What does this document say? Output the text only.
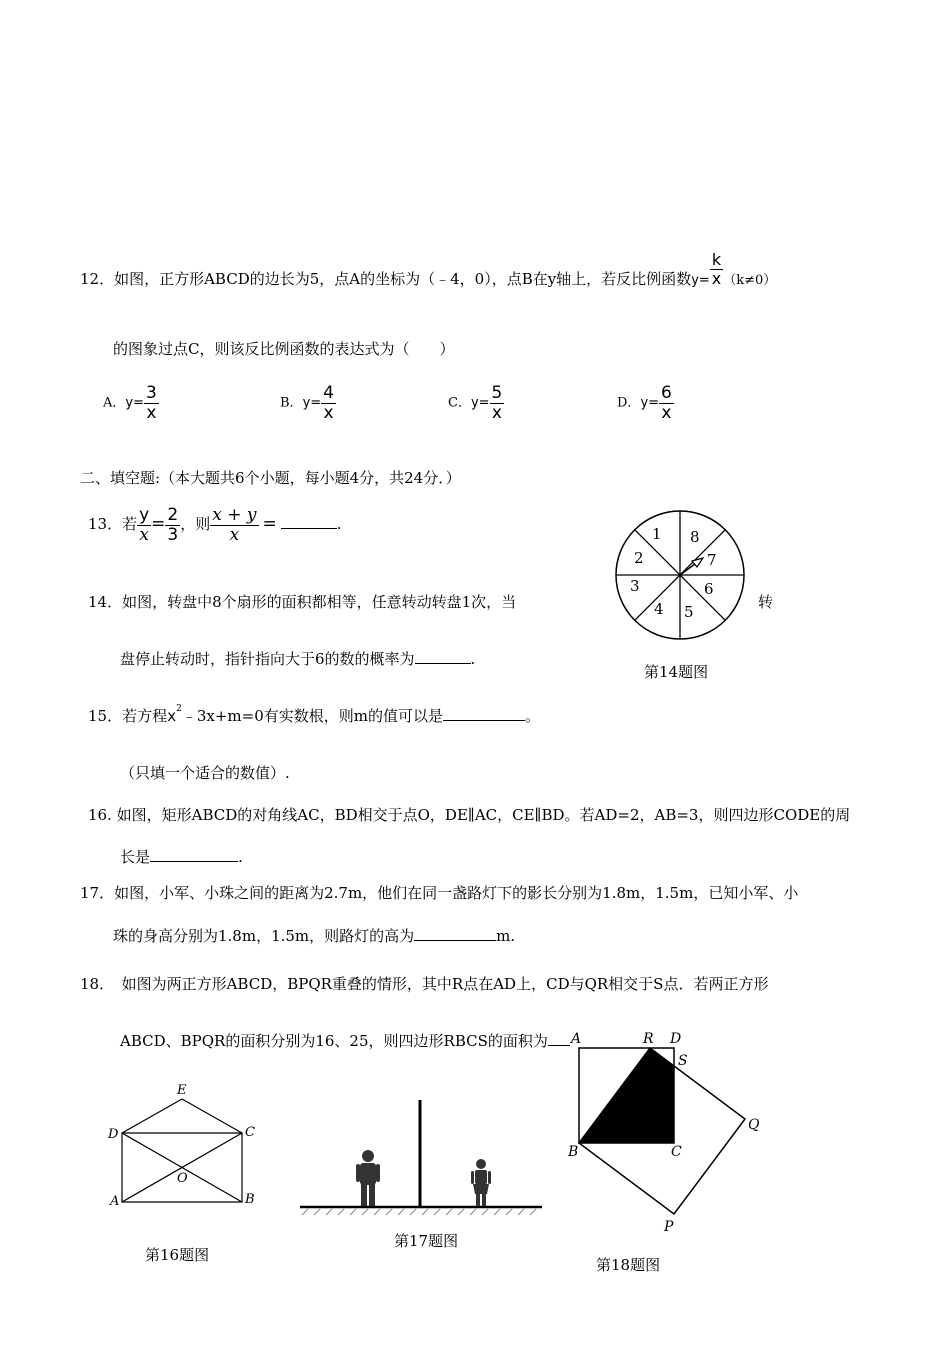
12．如图，正方形ABCD的边长为5，点A的坐标为（﹣4，0），点B在y轴上，若反比例函数$y= \frac{k}{x} (k\ne 0)$
的图象过点C，则该反比例函数的表达式为（　　）
A．$y= \frac{3}{x}$	B．$y= \frac{4}{x}$	C．$y= \frac{5}{x}$	D．$y= \frac{6}{x}$
二、填空题:（本大题共6个小题，每小题4分，共24分．）
13．若 $\frac{y}{x} = \frac{2}{3}$ ，则 $\frac{x + y}{x}$ =	.
14．如图，转盘中8个扇形的面积都相等，任意转动转盘1次，当	转
盘停止转动时，指针指向大于6的数的概率为	.
1 8
7
6
5
4
3
2
第14题图
15．若方程$x^2﹣3x+m=0$有实数根，则m的值可以是	。
（只填一个适合的数值）.
16. 如图，矩形ABCD的对角线AC，BD相交于点O，DE∥AC，CE∥BD。若AD=2，AB=3，则四边形CODE的周
长是	.
17．如图，小军、小珠之间的距离为2.7m，他们在同一盏路灯下的影长分别为1.8m，1.5m，已知小军、小
珠的身高分别为1.8m，1.5m，则路灯的高为	m.
18．　如图为两正方形ABCD，BPQR重叠的情形，其中R点在AD上，CD与QR相交于S点．若两正方形
ABCD、BPQR的面积分别为16、25，则四边形RBCS的面积为
E
D	C
O
A	B
第16题图
第17题图
A	R D
S
Q
B	C
P
第18题图
